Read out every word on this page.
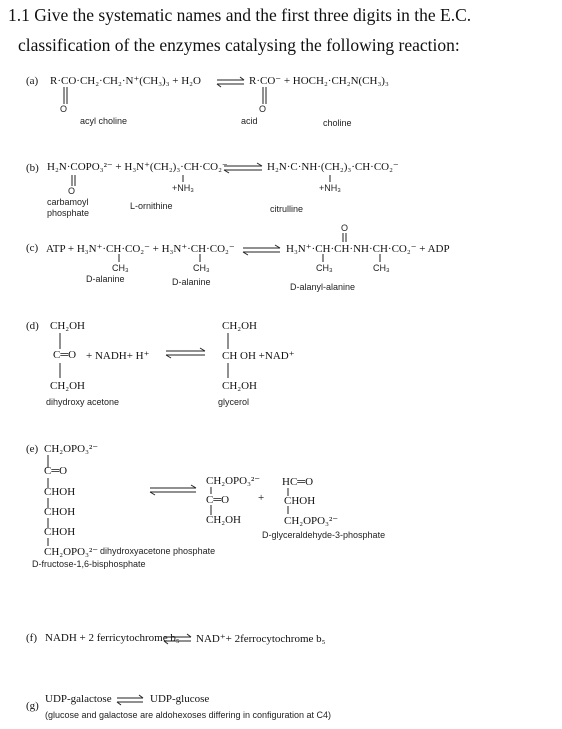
1.1 Give the systematic names and the first three digits in the E.C.
classification of the enzymes catalysing the following reaction:
(a) R·CO·CH₂·CH₂·N⁺(CH₃)₃ + H₂O	R·CO⁻ + HOCH₂·CH₂N(CH₃)₃
O	O
acyl choline	acid	choline
(b) H₂N·COPO₃²⁻ + H₃N⁺(CH₂)₃·CH·CO₂⁻	H₂N·C·NH·(CH₂)₃·CH·CO₂⁻
O	+NH₃	+NH₃
carbamoyl
phosphate
L-ornithine	citrulline
(c) ATP + H₃N⁺·CH·CO₂⁻ + H₃N⁺·CH·CO₂⁻	H₃N⁺·CH·CH·NH·CH·CO₂⁻ + ADP
O
CH₃	CH₃	CH₃	CH₃
D-alanine	D-alanine	D-alanyl-alanine
(d) CH₂OH
C═O + NADH+ H⁺
CH₂OH
CH₂OH
CH OH +NAD⁺
CH₂OH
dihydroxy acetone	glycerol
(e) CH₂OPO₃²⁻
C═O
CHOH
CHOH
CHOH
CH₂OPO₃²⁻ dihydroxyacetone phosphate
D-fructose-1,6-bisphosphate
CH₂OPO₃²⁻
C═O
CH₂OH
+
HC═O
CHOH
CH₂OPO₃²⁻
D-glyceraldehyde-3-phosphate
(f) NADH + 2 ferricytochrome b₅ NAD⁺+ 2ferrocytochrome b₅
(g)
UDP-galactose	UDP-glucose
(glucose and galactose are aldohexoses differing in configuration at C4)
